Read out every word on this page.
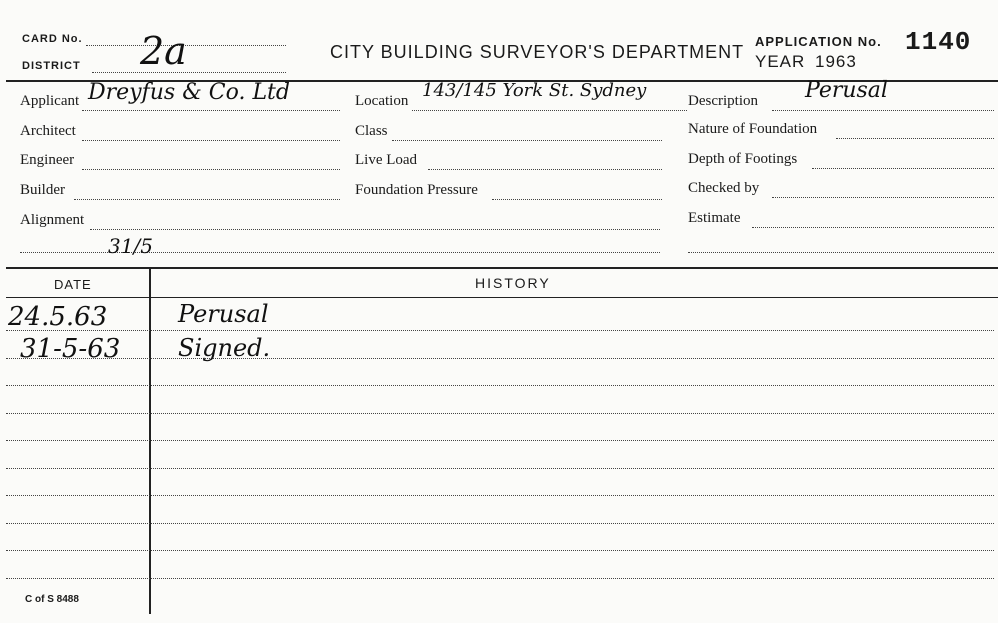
CARD No. 2a
DISTRICT
CITY BUILDING SURVEYOR'S DEPARTMENT
APPLICATION No. 1140
YEAR 1963
Applicant Dreyfus & Co. Ltd
Architect
Engineer
Builder
Alignment
31/5
Location 143/145 York St. Sydney
Class
Live Load
Foundation Pressure
Description Perusal
Nature of Foundation
Depth of Footings
Checked by
Estimate
DATE	HISTORY
24.5.63	Perusal
31-5-63 Signed.
C of S 8488
